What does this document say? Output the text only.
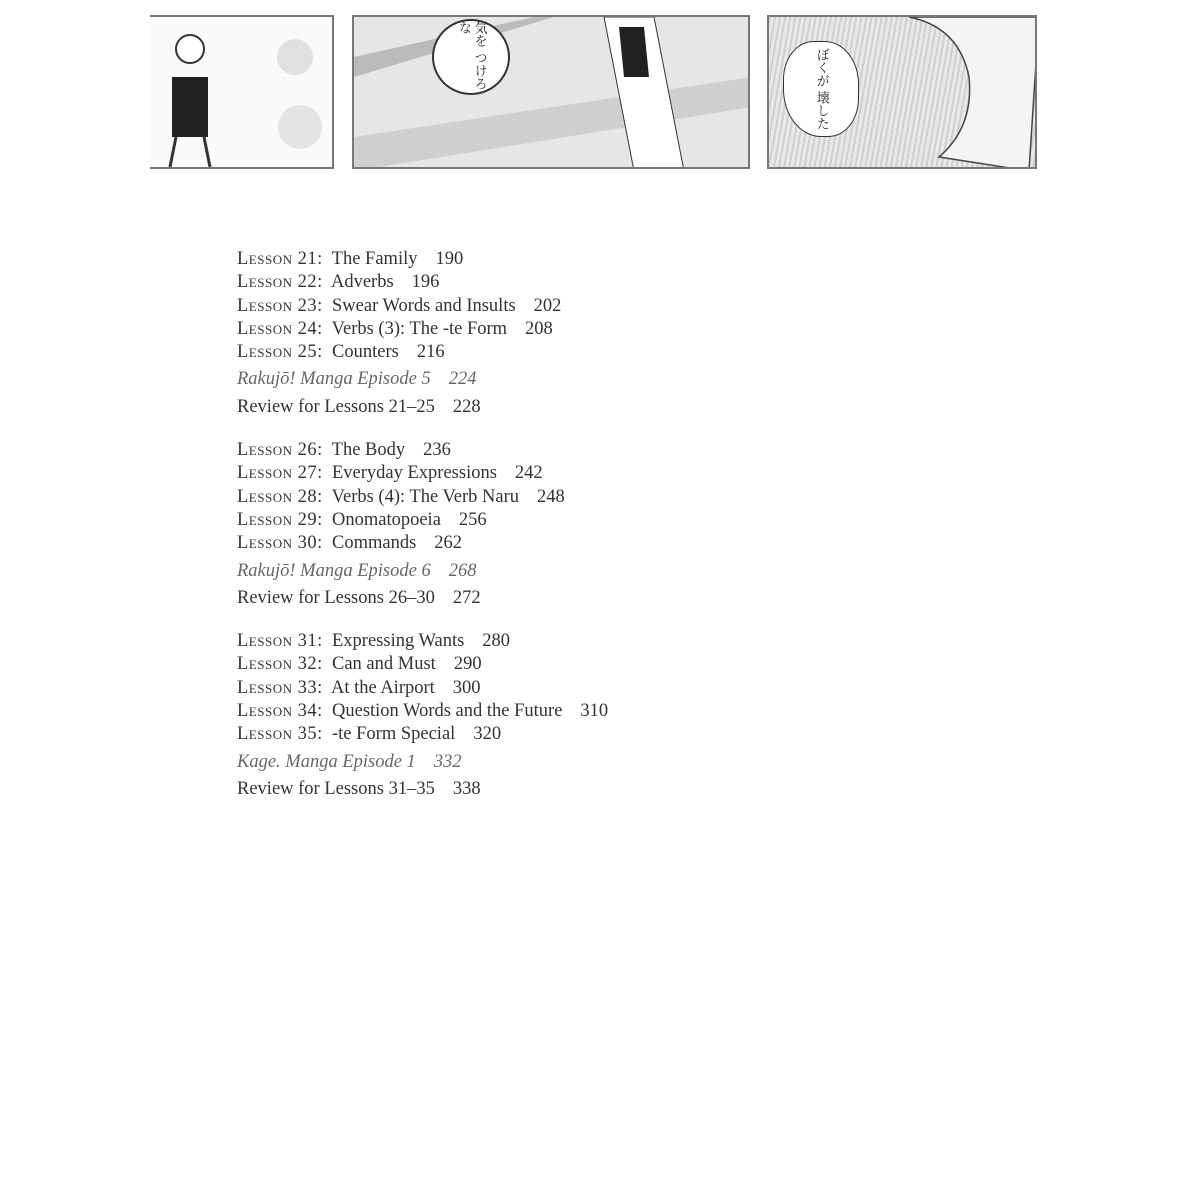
気を つけろ な
ぼくが 壊した
Lesson 21: The Family 190
Lesson 22: Adverbs 196
Lesson 23: Swear Words and Insults 202
Lesson 24: Verbs (3): The -te Form 208
Lesson 25: Counters 216
Rakujō! Manga Episode 5 224
Review for Lessons 21–25 228
Lesson 26: The Body 236
Lesson 27: Everyday Expressions 242
Lesson 28: Verbs (4): The Verb Naru 248
Lesson 29: Onomatopoeia 256
Lesson 30: Commands 262
Rakujō! Manga Episode 6 268
Review for Lessons 26–30 272
Lesson 31: Expressing Wants 280
Lesson 32: Can and Must 290
Lesson 33: At the Airport 300
Lesson 34: Question Words and the Future 310
Lesson 35: -te Form Special 320
Kage. Manga Episode 1 332
Review for Lessons 31–35 338
